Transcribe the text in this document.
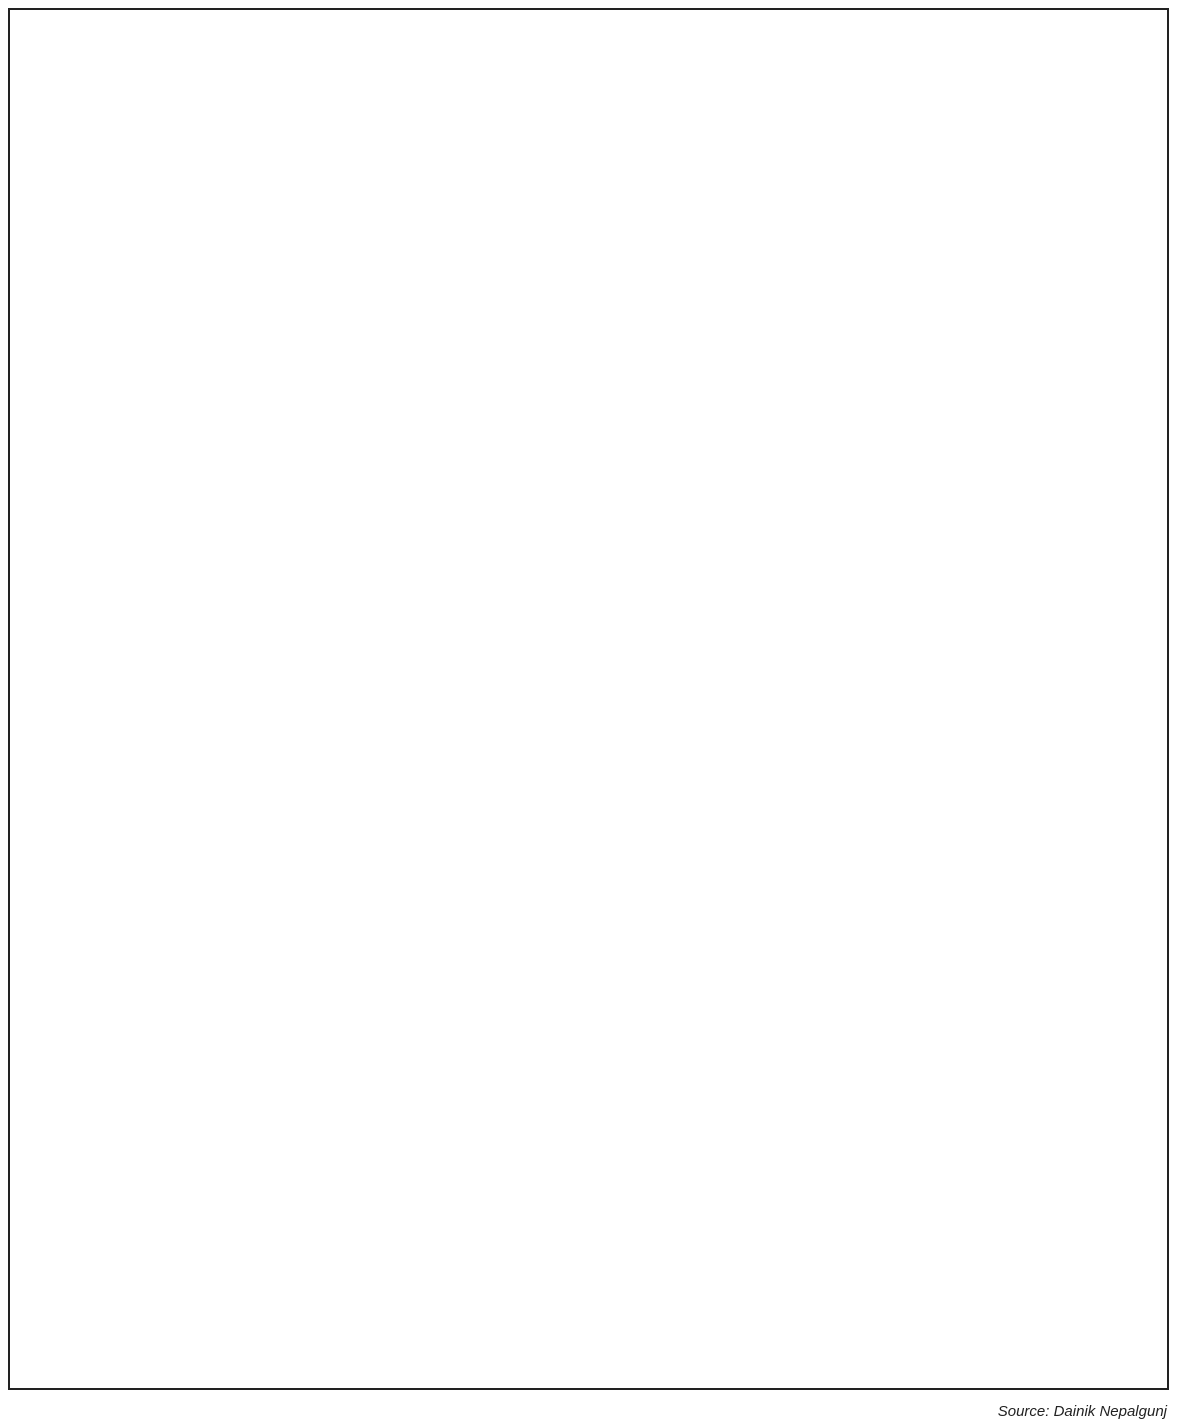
Source: Dainik Nepalgunj
